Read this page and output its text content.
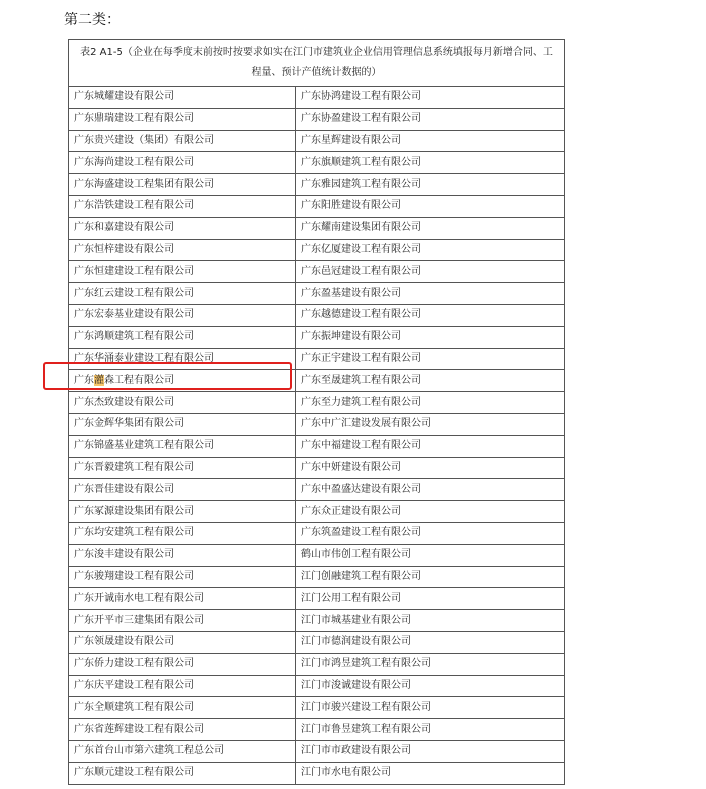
第二类：
表2 A1-5（企业在每季度末前按时按要求如实在江门市建筑业企业信用管理信息系统填报每月新增合同、工程量、预计产值统计数据的）	
广东城耀建设有限公司	广东协鸿建设工程有限公司
广东鼎瑞建设工程有限公司	广东协盈建设工程有限公司
广东贵兴建设（集团）有限公司	广东星辉建设有限公司
广东海尚建设工程有限公司	广东旗顺建筑工程有限公司
广东海盛建设工程集团有限公司	广东雅园建筑工程有限公司
广东浩铁建设工程有限公司	广东阳胜建设有限公司
广东和嘉建设有限公司	广东耀南建设集团有限公司
广东恒梓建设有限公司	广东亿厦建设工程有限公司
广东恒建建设工程有限公司	广东邑冠建设工程有限公司
广东红云建设工程有限公司	广东盈基建设有限公司
广东宏泰基业建设有限公司	广东越德建设工程有限公司
广东鸿顺建筑工程有限公司	广东振坤建设有限公司
广东华涌泰业建设工程有限公司	广东正宇建设工程有限公司
广东灌森工程有限公司	广东至晟建筑工程有限公司
广东杰致建设有限公司	广东至力建筑工程有限公司
广东金辉华集团有限公司	广东中广汇建设发展有限公司
广东锦盛基业建筑工程有限公司	广东中福建设工程有限公司
广东晋毅建筑工程有限公司	广东中妍建设有限公司
广东晋佳建设有限公司	广东中盈盛达建设有限公司
广东冢源建设集团有限公司	广东众正建设有限公司
广东均安建筑工程有限公司	广东筑盈建设工程有限公司
广东浚丰建设有限公司	鹤山市伟创工程有限公司
广东骏翔建设工程有限公司	江门创融建筑工程有限公司
广东开诚南水电工程有限公司	江门公用工程有限公司
广东开平市三建集团有限公司	江门市城基建业有限公司
广东领晟建设有限公司	江门市德润建设有限公司
广东侨力建设工程有限公司	江门市鸿昱建筑工程有限公司
广东庆平建设工程有限公司	江门市浚诚建设有限公司
广东全顺建筑工程有限公司	江门市骏兴建设工程有限公司
广东省莲辉建设工程有限公司	江门市鲁昱建筑工程有限公司
广东首台山市第六建筑工程总公司	江门市市政建设有限公司
广东顺元建设工程有限公司	江门市水电有限公司
